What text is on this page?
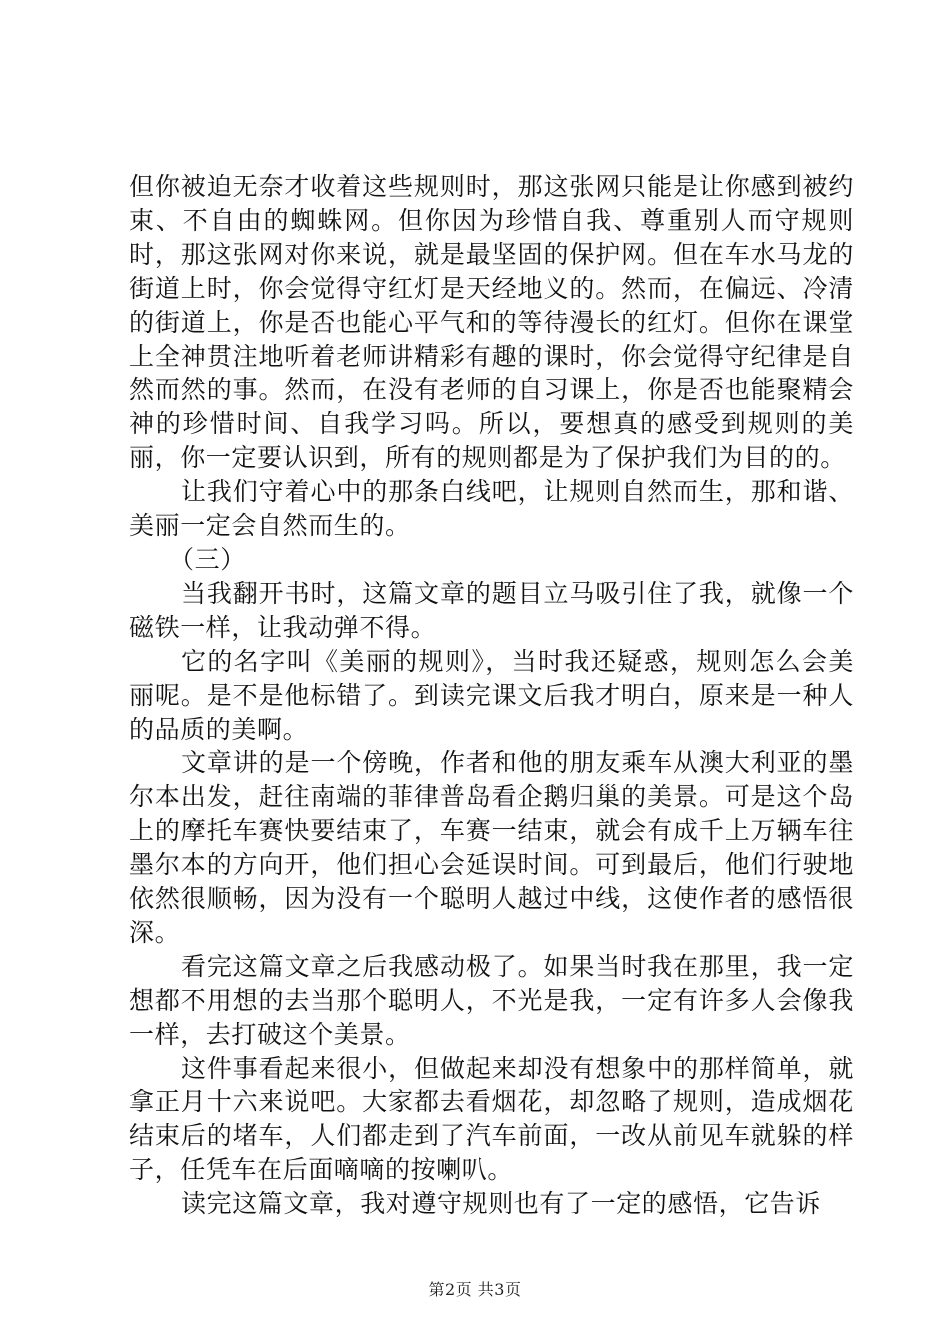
但你被迫无奈才收着这些规则时，那这张网只能是让你感到被约束、不自由的蜘蛛网。但你因为珍惜自我、尊重别人而守规则时，那这张网对你来说，就是最坚固的保护网。但在车水马龙的街道上时，你会觉得守红灯是天经地义的。然而，在偏远、冷清的街道上，你是否也能心平气和的等待漫长的红灯。但你在课堂上全神贯注地听着老师讲精彩有趣的课时，你会觉得守纪律是自然而然的事。然而，在没有老师的自习课上，你是否也能聚精会神的珍惜时间、自我学习吗。所以，要想真的感受到规则的美丽，你一定要认识到，所有的规则都是为了保护我们为目的的。

让我们守着心中的那条白线吧，让规则自然而生，那和谐、美丽一定会自然而生的。

（三）

当我翻开书时，这篇文章的题目立马吸引住了我，就像一个磁铁一样，让我动弹不得。

它的名字叫《美丽的规则》，当时我还疑惑，规则怎么会美丽呢。是不是他标错了。到读完课文后我才明白，原来是一种人的品质的美啊。

文章讲的是一个傍晚，作者和他的朋友乘车从澳大利亚的墨尔本出发，赶往南端的菲律普岛看企鹅归巢的美景。可是这个岛上的摩托车赛快要结束了，车赛一结束，就会有成千上万辆车往墨尔本的方向开，他们担心会延误时间。可到最后，他们行驶地依然很顺畅，因为没有一个聪明人越过中线，这使作者的感悟很深。

看完这篇文章之后我感动极了。如果当时我在那里，我一定想都不用想的去当那个聪明人，不光是我，一定有许多人会像我一样，去打破这个美景。

这件事看起来很小，但做起来却没有想象中的那样简单，就拿正月十六来说吧。大家都去看烟花，却忽略了规则，造成烟花结束后的堵车，人们都走到了汽车前面，一改从前见车就躲的样子，任凭车在后面嘀嘀的按喇叭。

读完这篇文章，我对遵守规则也有了一定的感悟，它告诉

第2页 共3页
